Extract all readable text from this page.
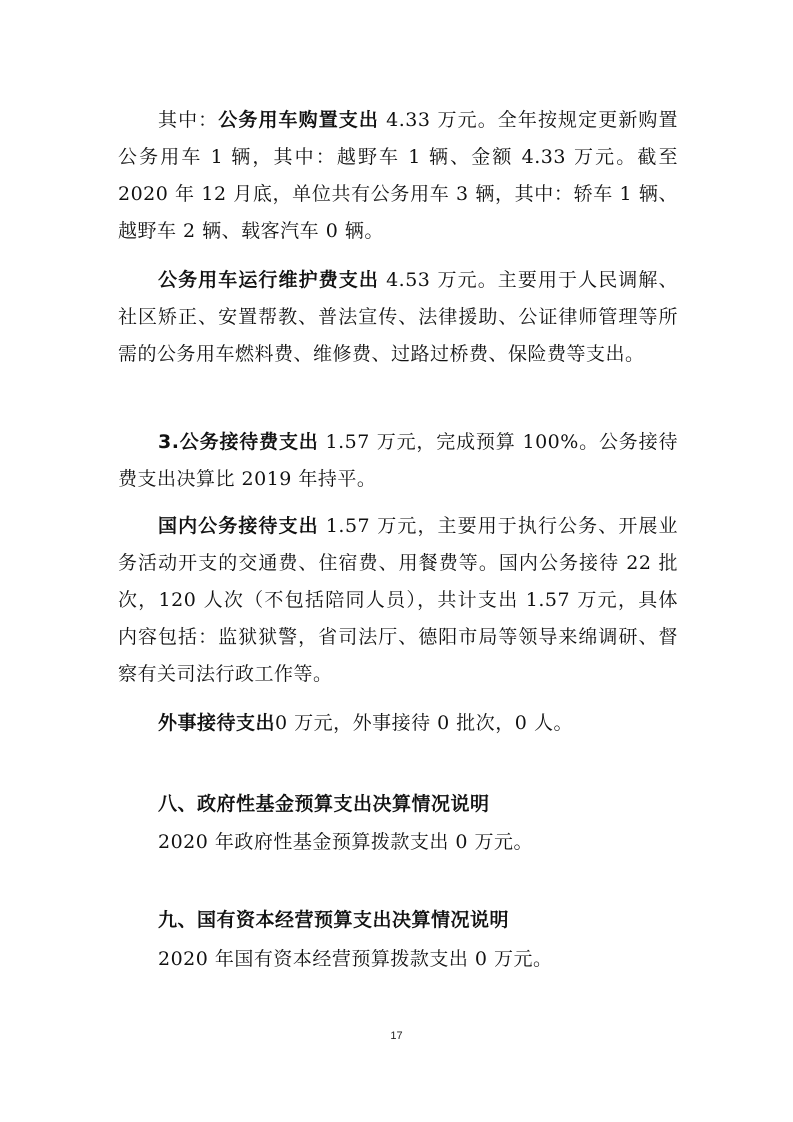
其中：公务用车购置支出 4.33 万元。全年按规定更新购置公务用车 1 辆，其中：越野车 1 辆、金额 4.33 万元。截至 2020 年 12 月底，单位共有公务用车 3 辆，其中：轿车 1 辆、越野车 2 辆、载客汽车 0 辆。

公务用车运行维护费支出 4.53 万元。主要用于人民调解、社区矫正、安置帮教、普法宣传、法律援助、公证律师管理等所需的公务用车燃料费、维修费、过路过桥费、保险费等支出。

3.公务接待费支出 1.57 万元，完成预算 100%。公务接待费支出决算比 2019 年持平。

国内公务接待支出 1.57 万元，主要用于执行公务、开展业务活动开支的交通费、住宿费、用餐费等。国内公务接待 22 批次，120 人次（不包括陪同人员），共计支出 1.57 万元，具体内容包括：监狱狱警，省司法厅、德阳市局等领导来绵调研、督察有关司法行政工作等。

外事接待支出0 万元，外事接待 0 批次，0 人。

八、政府性基金预算支出决算情况说明

2020 年政府性基金预算拨款支出 0 万元。

九、国有资本经营预算支出决算情况说明

2020 年国有资本经营预算拨款支出 0 万元。

17
